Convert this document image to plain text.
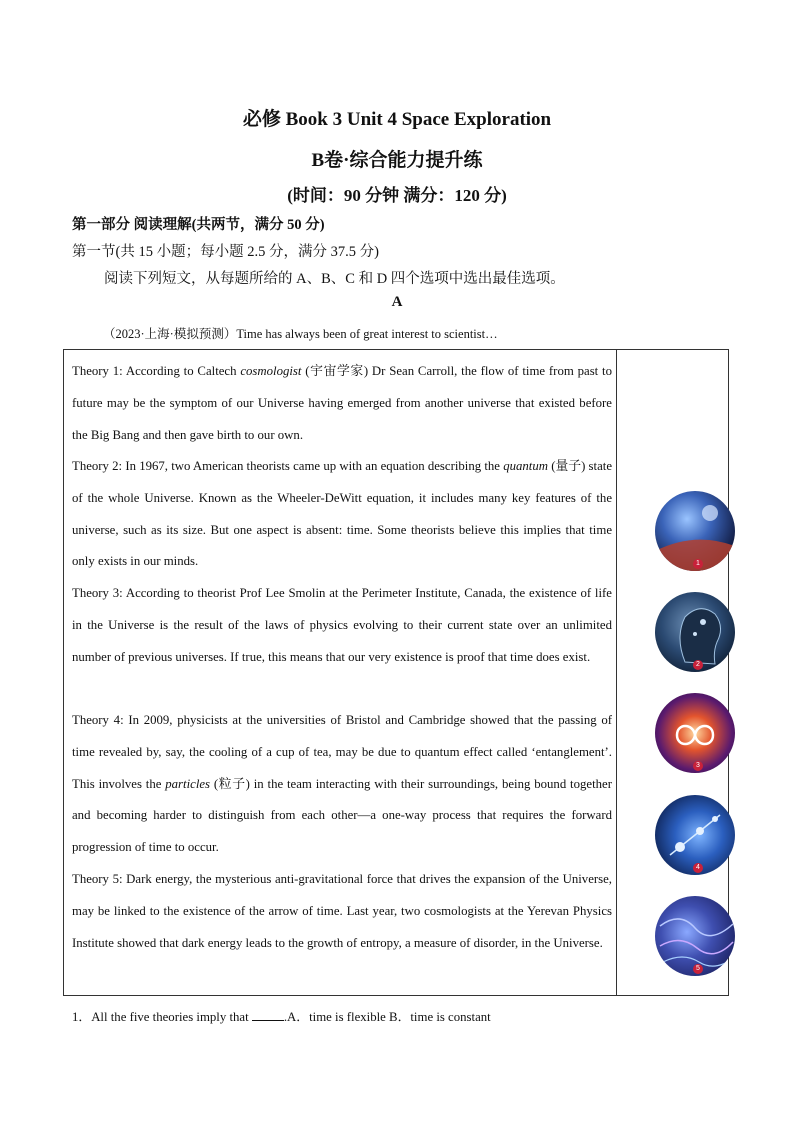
必修 Book 3 Unit 4 Space Exploration
B卷·综合能力提升练
(时间：90 分钟 满分：120 分)
第一部分 阅读理解(共两节，满分 50 分)
第一节(共 15 小题；每小题 2.5 分，满分 37.5 分)
阅读下列短文，从每题所给的 A、B、C 和 D 四个选项中选出最佳选项。
A
（2023·上海·模拟预测）Time has always been of great interest to scientist…
Theory 1: According to Caltech cosmologist (宇宙学家) Dr Sean Carroll, the flow of time from past to future may be the symptom of our Universe having emerged from another universe that existed before the Big Bang and then gave birth to our own.
Theory 2: In 1967, two American theorists came up with an equation describing the quantum (量子) state of the whole Universe. Known as the Wheeler-DeWitt equation, it includes many key features of the universe, such as its size. But one aspect is absent: time. Some theorists believe this implies that time only exists in our minds.
Theory 3: According to theorist Prof Lee Smolin at the Perimeter Institute, Canada, the existence of life in the Universe is the result of the laws of physics evolving to their current state over an unlimited number of previous universes. If true, this means that our very existence is proof that time does exist.
Theory 4: In 2009, physicists at the universities of Bristol and Cambridge showed that the passing of time revealed by, say, the cooling of a cup of tea, may be due to quantum effect called ‘entanglement’. This involves the particles (粒子) in the team interacting with their surroundings, being bound together and becoming harder to distinguish from each other—a one-way process that requires the forward progression of time to occur.
Theory 5: Dark energy, the mysterious anti-gravitational force that drives the expansion of the Universe, may be linked to the existence of the arrow of time. Last year, two cosmologists at the Yerevan Physics Institute showed that dark energy leads to the growth of entropy, a measure of disorder, in the Universe.
1
2
3
4
5
1．All the five theories imply that	.A．time is flexible B．time is constant
